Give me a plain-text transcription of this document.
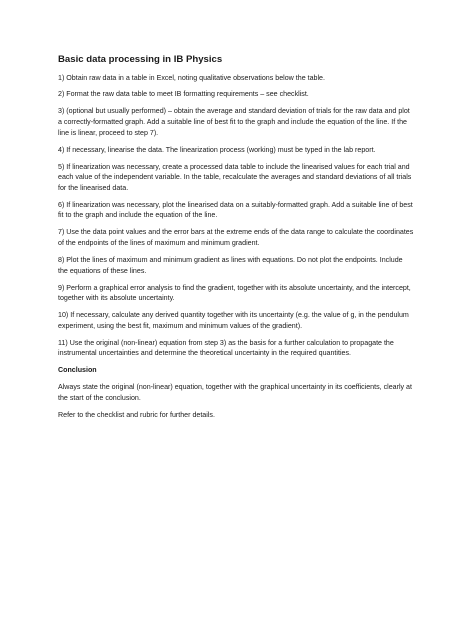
Basic data processing in IB Physics

1) Obtain raw data in a table in Excel, noting qualitative observations below the table.

2) Format the raw data table to meet IB formatting requirements – see checklist.

3) (optional but usually performed) – obtain the average and standard deviation of trials for the raw data and plot a correctly-formatted graph. Add a suitable line of best fit to the graph and include the equation of the line. If the line is linear, proceed to step 7).

4) If necessary, linearise the data. The linearization process (working) must be typed in the lab report.

5) If linearization was necessary, create a processed data table to include the linearised values for each trial and each value of the independent variable. In the table, recalculate the averages and standard deviations of all trials for the linearised data.

6) If linearization was necessary, plot the linearised data on a suitably-formatted graph. Add a suitable line of best fit to the graph and include the equation of the line.

7) Use the data point values and the error bars at the extreme ends of the data range to calculate the coordinates of the endpoints of the lines of maximum and minimum gradient.

8) Plot the lines of maximum and minimum gradient as lines with equations. Do not plot the endpoints. Include the equations of these lines.

9) Perform a graphical error analysis to find the gradient, together with its absolute uncertainty, and the intercept, together with its absolute uncertainty.

10) If necessary, calculate any derived quantity together with its uncertainty (e.g. the value of g, in the pendulum experiment, using the best fit, maximum and minimum values of the gradient).

11) Use the original (non-linear) equation from step 3) as the basis for a further calculation to propagate the instrumental uncertainties and determine the theoretical uncertainty in the required quantities.

Conclusion

Always state the original (non-linear) equation, together with the graphical uncertainty in its coefficients, clearly at the start of the conclusion.

Refer to the checklist and rubric for further details.
